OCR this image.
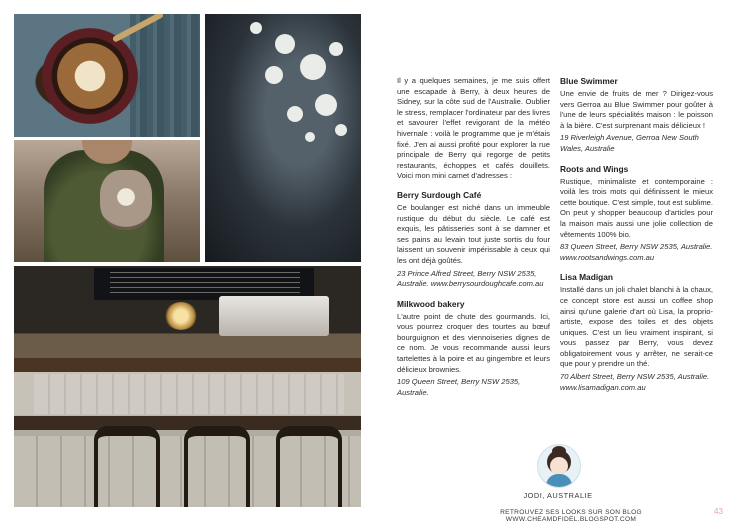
Il y a quelques semaines, je me suis offert une escapade à Berry, à deux heures de Sidney, sur la côte sud de l'Australie. Oublier le stress, remplacer l'ordinateur par des livres et savourer l'effet revigorant de la météo hivernale : voilà le programme que je m'étais fixé. J'en ai aussi profité pour explorer la rue principale de Berry qui regorge de petits restaurants, échoppes et cafés douillets. Voici mon mini carnet d'adresses :

Berry Surdough Café

Ce boulanger est niché dans un immeuble rustique du début du siècle. Le café est exquis, les pâtisseries sont à se damner et ses pains au levain tout juste sortis du four laissent un souvenir impérissable à ceux qui les ont déjà goûtés.

23 Prince Alfred Street, Berry NSW 2535, Australie. www.berrysourdoughcafe.com.au
Milkwood bakery

L'autre point de chute des gourmands. Ici, vous pourrez croquer des tourtes au bœuf bourguignon et des viennoiseries dignes de ce nom. Je vous recommande aussi leurs tartelettes à la poire et au gingembre et leurs délicieux brownies.

109 Queen Street, Berry NSW 2535, Australie.
Blue Swimmer

Une envie de fruits de mer ? Dirigez-vous vers Gerroa au Blue Swimmer pour goûter à l'une de leurs spécialités maison : le poisson à la bière. C'est surprenant mais délicieux !

19 Riverleigh Avenue, Gerroa New South Wales, Australie
Roots and Wings

Rustique, minimaliste et contemporaine : voilà les trois mots qui définissent le mieux cette boutique. C'est simple, tout est sublime. On peut y shopper beaucoup d'articles pour la maison mais aussi une jolie collection de vêtements 100% bio.

83 Queen Street, Berry NSW 2535, Australie. www.rootsandwings.com.au
Lisa Madigan

Installé dans un joli chalet blanchi à la chaux, ce concept store est aussi un coffee shop ainsi qu'une galerie d'art où Lisa, la proprio-artiste, expose des toiles et des objets uniques. C'est un lieu vraiment inspirant, si vous passez par Berry, vous devez obligatoirement vous y arrêter, ne serait-ce que pour y prendre un thé.

70 Albert Street, Berry NSW 2535, Australie. www.lisamadigan.com.au
JODI, AUSTRALIE
RETROUVEZ SES LOOKS SUR SON BLOG WWW.CHEAMDFIDEL.BLOGSPOT.COM
43
